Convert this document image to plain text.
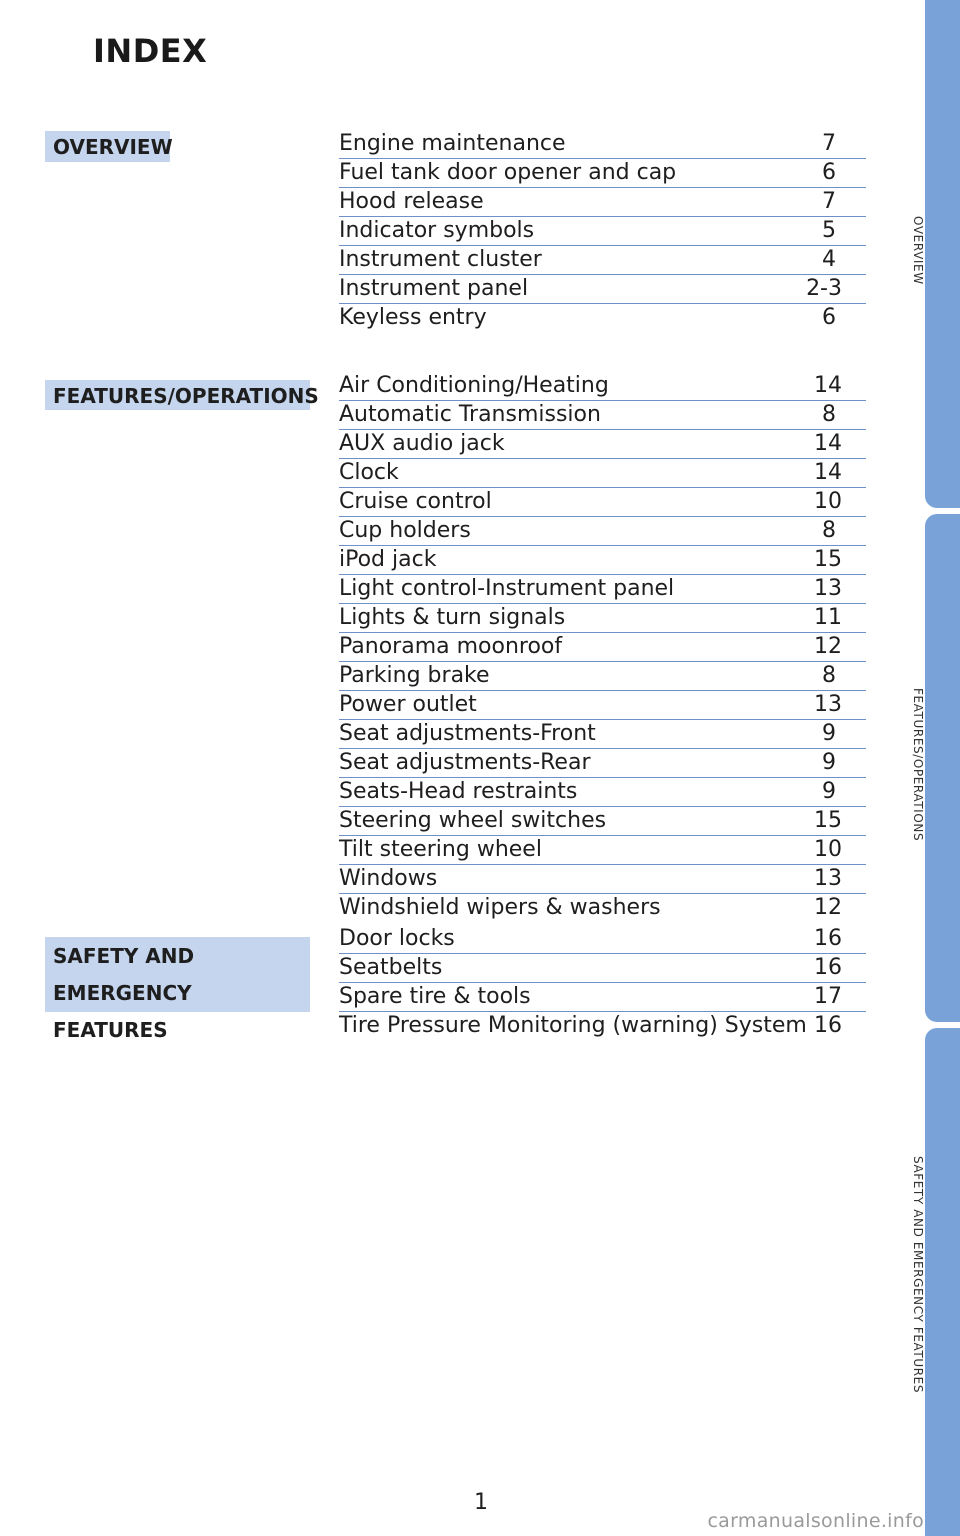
INDEX
OVERVIEW
FEATURES/OPERATIONS
SAFETY AND
EMERGENCY FEATURES
Engine maintenance	7
Fuel tank door opener and cap	6
Hood release	7
Indicator symbols	5
Instrument cluster	4
Instrument panel	2-3
Keyless entry	6
Air Conditioning/Heating	14
Automatic Transmission	8
AUX audio jack	14
Clock	14
Cruise control	10
Cup holders	8
iPod jack	15
Light control-Instrument panel	13
Lights & turn signals	11
Panorama moonroof	12
Parking brake	8
Power outlet	13
Seat adjustments-Front	9
Seat adjustments-Rear	9
Seats-Head restraints	9
Steering wheel switches	15
Tilt steering wheel	10
Windows	13
Windshield wipers & washers	12
Door locks	16
Seatbelts	16
Spare tire & tools	17
Tire Pressure Monitoring (warning) System 16
OVERVIEW
FEATURES/OPERATIONS
SAFETY AND EMERGENCY FEATURES
1
carmanualsonline.info
